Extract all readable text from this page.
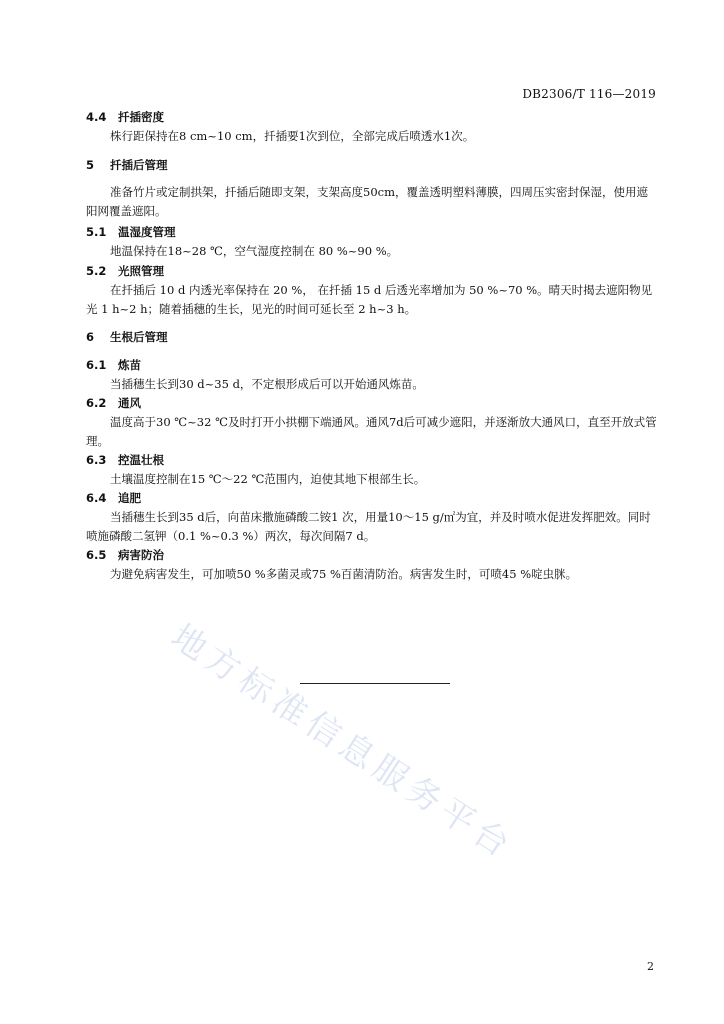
DB2306/T 116—2019
4.4 扦插密度

株行距保持在8 cm~10 cm，扦插要1次到位，全部完成后喷透水1次。

5 扦插后管理

准备竹片或定制拱架，扦插后随即支架，支架高度50cm，覆盖透明塑料薄膜，四周压实密封保湿，使用遮阳网覆盖遮阳。

5.1 温湿度管理

地温保持在18~28 ℃，空气湿度控制在 80 %~90 %。

5.2 光照管理

在扦插后 10 d 内透光率保持在 20 %， 在扦插 15 d 后透光率增加为 50 %~70 %。晴天时揭去遮阳物见光 1 h~2 h；随着插穗的生长，见光的时间可延长至 2 h~3 h。

6 生根后管理
6.1 炼苗

当插穗生长到30 d~35 d，不定根形成后可以开始通风炼苗。

6.2 通风

温度高于30 ℃~32 ℃及时打开小拱棚下端通风。通风7d后可减少遮阳，并逐渐放大通风口，直至开放式管理。

6.3 控温壮根

土壤温度控制在15 ℃～22 ℃范围内，迫使其地下根部生长。

6.4 追肥

当插穗生长到35 d后，向苗床撒施磷酸二铵1 次，用量10～15 g/㎡为宜，并及时喷水促进发挥肥效。同时喷施磷酸二氢钾（0.1 %~0.3 %）两次，每次间隔7 d。

6.5 病害防治

为避免病害发生，可加喷50 %多菌灵或75 %百菌清防治。病害发生时，可喷45 %啶虫脒。

地方标准信息服务平台
2
